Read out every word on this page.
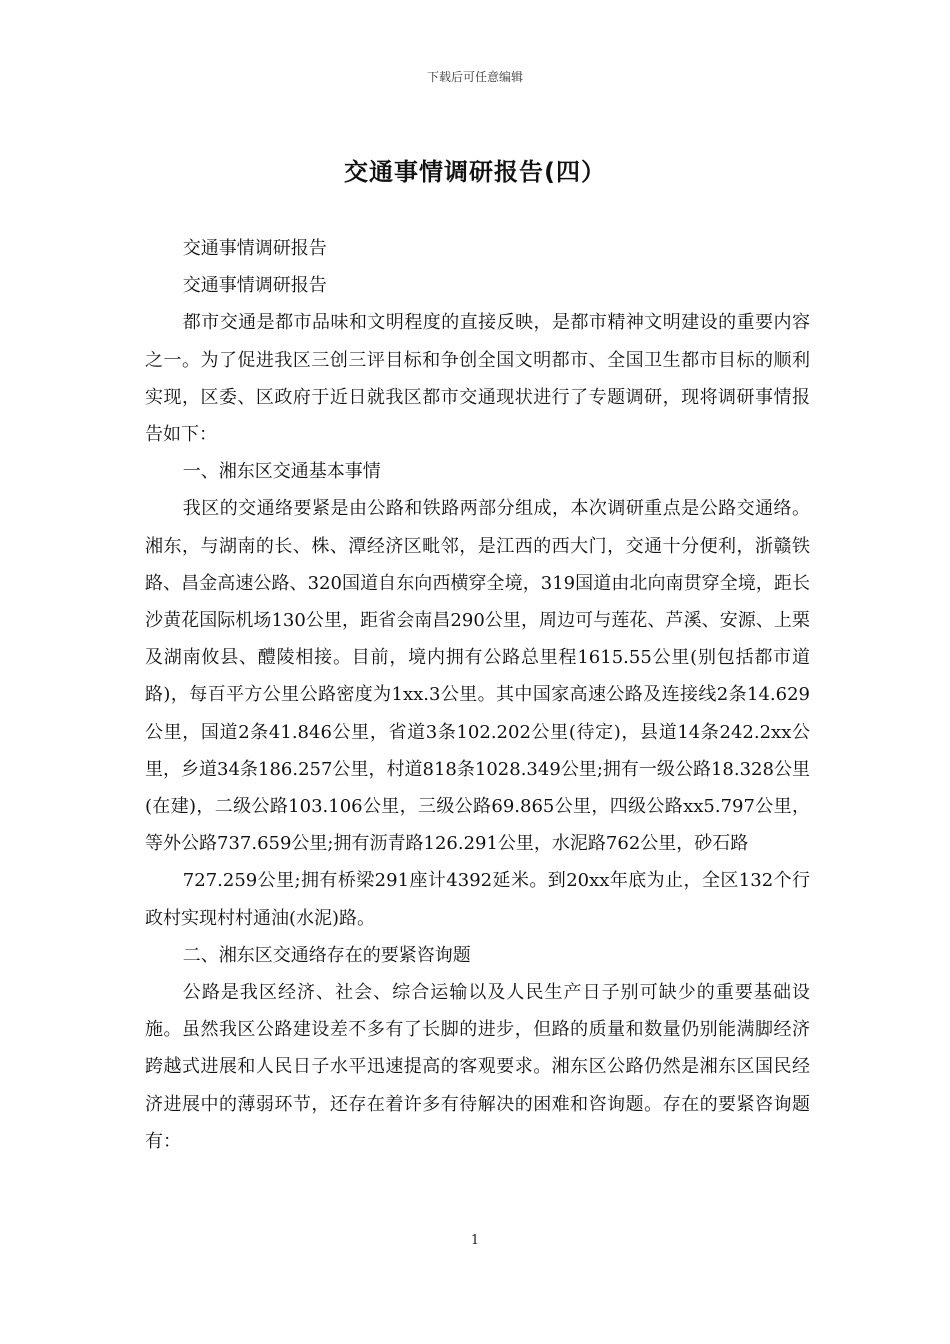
下载后可任意编辑
交通事情调研报告(四）

交通事情调研报告

交通事情调研报告

都市交通是都市品味和文明程度的直接反映，是都市精神文明建设的重要内容之一。为了促进我区三创三评目标和争创全国文明都市、全国卫生都市目标的顺利实现，区委、区政府于近日就我区都市交通现状进行了专题调研，现将调研事情报告如下：

一、湘东区交通基本事情

我区的交通络要紧是由公路和铁路两部分组成，本次调研重点是公路交通络。湘东，与湖南的长、株、潭经济区毗邻，是江西的西大门，交通十分便利，浙赣铁路、昌金高速公路、320国道自东向西横穿全境，319国道由北向南贯穿全境，距长沙黄花国际机场130公里，距省会南昌290公里，周边可与莲花、芦溪、安源、上栗及湖南攸县、醴陵相接。目前，境内拥有公路总里程1615.55公里(别包括都市道路)，每百平方公里公路密度为1xx.3公里。其中国家高速公路及连接线2条14.629公里，国道2条41.846公里，省道3条102.202公里(待定)，县道14条242.2xx公里，乡道34条186.257公里，村道818条1028.349公里;拥有一级公路18.328公里(在建)，二级公路103.106公里，三级公路69.865公里，四级公路xx5.797公里，等外公路737.659公里;拥有沥青路126.291公里，水泥路762公里，砂石路

727.259公里;拥有桥梁291座计4392延米。到20xx年底为止，全区132个行政村实现村村通油(水泥)路。

二、湘东区交通络存在的要紧咨询题

公路是我区经济、社会、综合运输以及人民生产日子别可缺少的重要基础设施。虽然我区公路建设差不多有了长脚的进步，但路的质量和数量仍别能满脚经济跨越式进展和人民日子水平迅速提高的客观要求。湘东区公路仍然是湘东区国民经济进展中的薄弱环节，还存在着许多有待解决的困难和咨询题。存在的要紧咨询题有：

1
